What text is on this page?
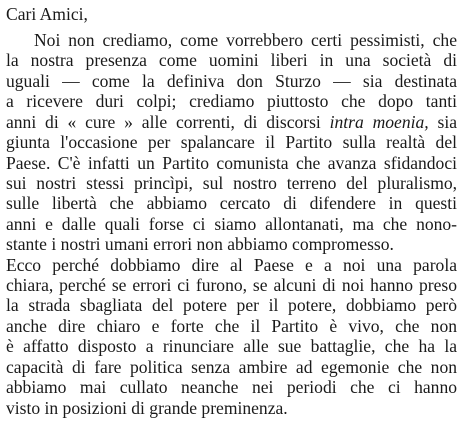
Cari Amici,
Noi non crediamo, come vorrebbero certi pessimisti, che
la nostra presenza come uomini liberi in una società di
uguali — come la definiva don Sturzo — sia destinata
a ricevere duri colpi; crediamo piuttosto che dopo tanti
anni di « cure » alle correnti, di discorsi intra moenia, sia
giunta l'occasione per spalancare il Partito sulla realtà del
Paese. C'è infatti un Partito comunista che avanza sfidandoci
sui nostri stessi princìpi, sul nostro terreno del pluralismo,
sulle libertà che abbiamo cercato di difendere in questi
anni e dalle quali forse ci siamo allontanati, ma che nono-
stante i nostri umani errori non abbiamo compromesso.
Ecco perché dobbiamo dire al Paese e a noi una parola
chiara, perché se errori ci furono, se alcuni di noi hanno preso
la strada sbagliata del potere per il potere, dobbiamo però
anche dire chiaro e forte che il Partito è vivo, che non
è affatto disposto a rinunciare alle sue battaglie, che ha la
capacità di fare politica senza ambire ad egemonie che non
abbiamo mai cullato neanche nei periodi che ci hanno
visto in posizioni di grande preminenza.
